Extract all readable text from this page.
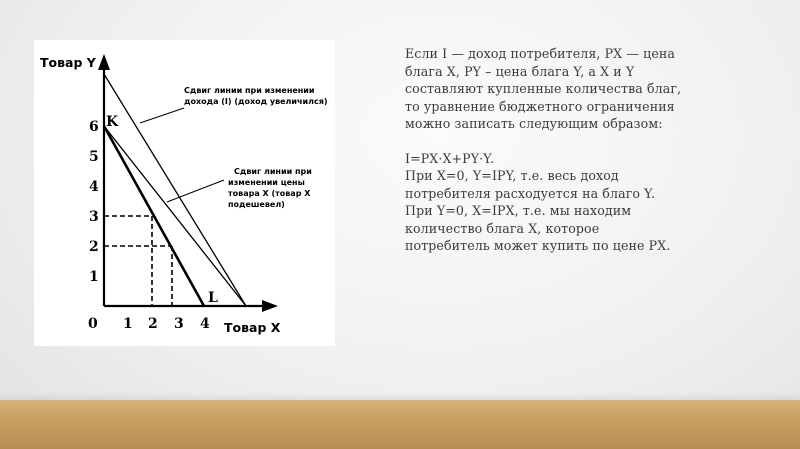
Товар Y
Товар X
0
1
2
3
4
5
6
1 2 3 4
K
L
Сдвиг линии при изменении
дохода (I) (доход увеличился)
Сдвиг линии при
изменении цены
товара X (товар X
подешевел)

Если I — доход потребителя, PX — цена

блага X, PY – цена блага Y, а X и Y

составляют купленные количества благ,

то уравнение бюджетного ограничения

можно записать следующим образом:

I=PX·X+PY·Y.

При X=0, Y=IPY, т.е. весь доход

потребителя расходуется на благо Y.

При Y=0, X=IPX, т.е. мы находим

количество блага X, которое

потребитель может купить по цене PX.
